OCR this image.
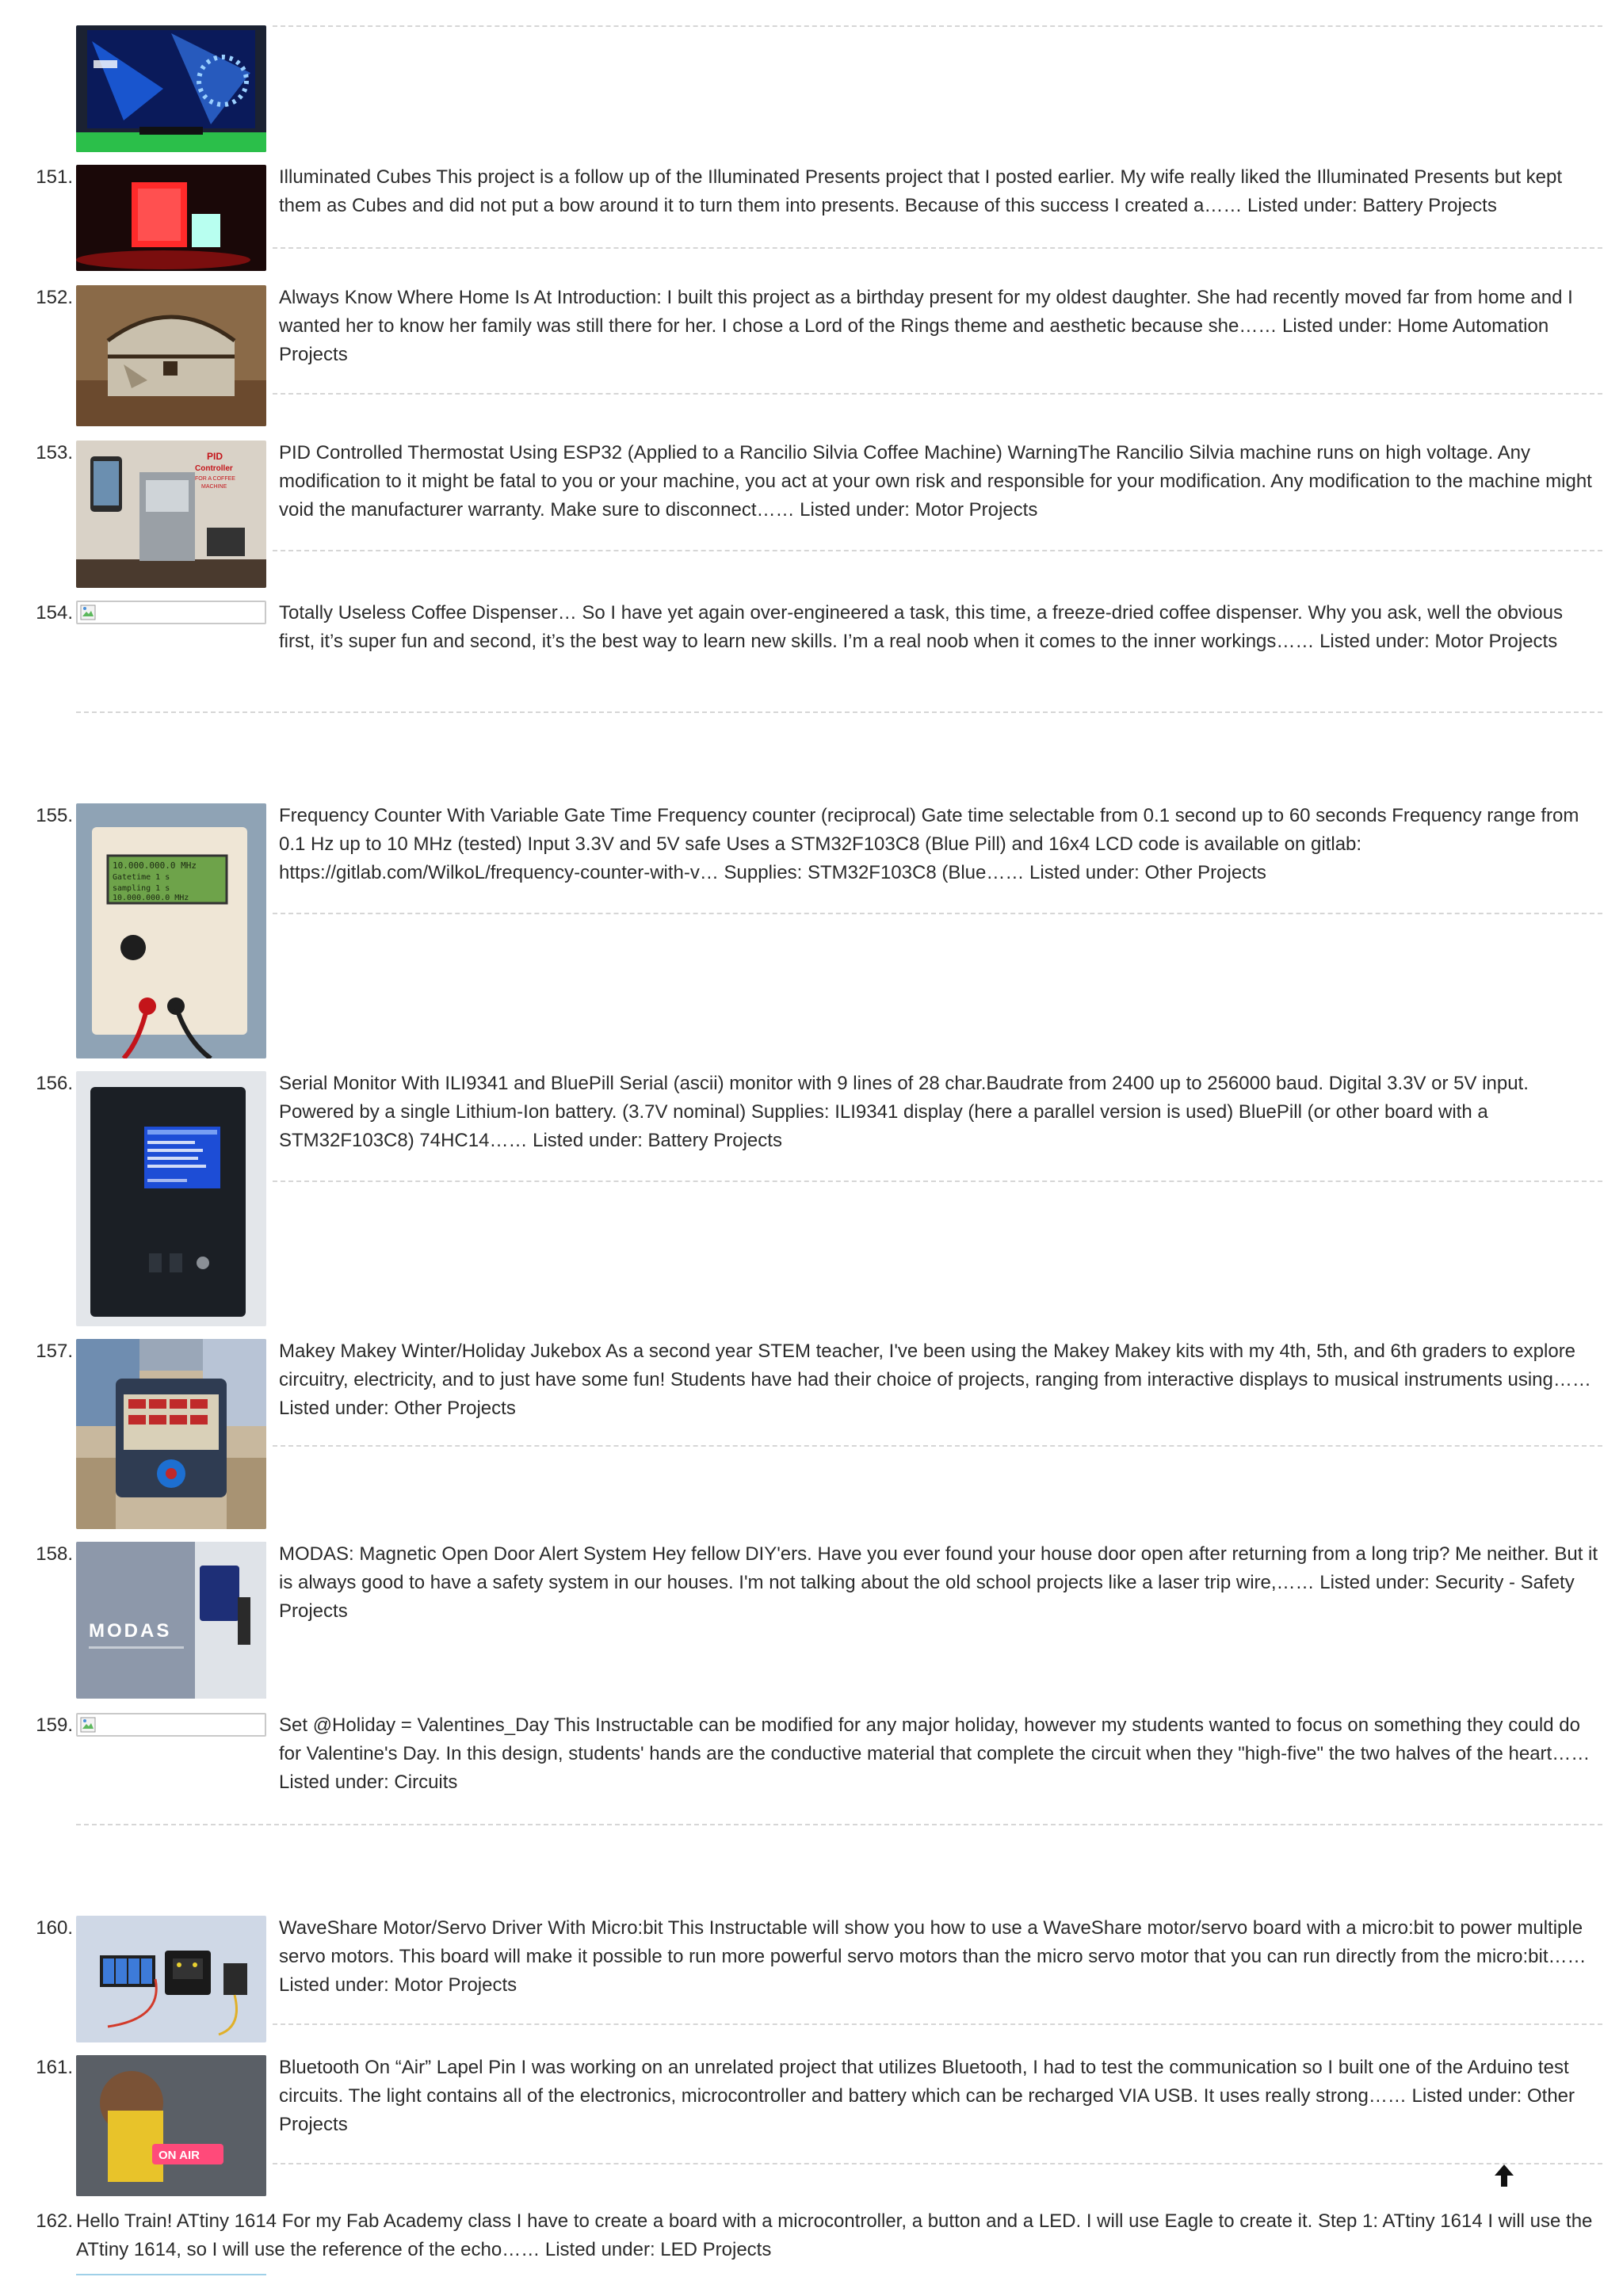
151.	Illuminated Cubes This project is a follow up of the Illuminated Presents project that I posted earlier. My wife really liked the Illuminated Presents but kept them as Cubes and did not put a bow around it to turn them into presents. Because of this success I created a…… Listed under: Battery Projects
152.	Always Know Where Home Is At Introduction: I built this project as a birthday present for my oldest daughter. She had recently moved far from home and I wanted her to know her family was still there for her. I chose a Lord of the Rings theme and aesthetic because she…… Listed under: Home Automation Projects
153.	PID
Controller
FOR A COFFEE
MACHINE
PID Controlled Thermostat Using ESP32 (Applied to a Rancilio Silvia Coffee Machine) WarningThe Rancilio Silvia machine runs on high voltage. Any modification to it might be fatal to you or your machine, you act at your own risk and responsible for your modification. Any modification to the machine might void the manufacturer warranty. Make sure to disconnect…… Listed under: Motor Projects
154.	Totally Useless Coffee Dispenser… So I have yet again over-engineered a task, this time, a freeze-dried coffee dispenser. Why you ask, well the obvious first, it’s super fun and second, it’s the best way to learn new skills. I’m a real noob when it comes to the inner workings…… Listed under: Motor Projects
155.
10.000.000.0 MHz
Gatetime 1 s
sampling 1 s
10.000.000.0 MHz
Frequency Counter With Variable Gate Time Frequency counter (reciprocal) Gate time selectable from 0.1 second up to 60 seconds Frequency range from 0.1 Hz up to 10 MHz (tested) Input 3.3V and 5V safe Uses a STM32F103C8 (Blue Pill) and 16x4 LCD code is available on gitlab: https://gitlab.com/WilkoL/frequency-counter-with-v… Supplies: STM32F103C8 (Blue…… Listed under: Other Projects
156.	Serial Monitor With ILI9341 and BluePill Serial (ascii) monitor with 9 lines of 28 char.Baudrate from 2400 up to 256000 baud. Digital 3.3V or 5V input. Powered by a single Lithium-Ion battery. (3.7V nominal) Supplies: ILI9341 display (here a parallel version is used) BluePill (or other board with a STM32F103C8) 74HC14…… Listed under: Battery Projects
157.	Makey Makey Winter/Holiday Jukebox As a second year STEM teacher, I've been using the Makey Makey kits with my 4th, 5th, and 6th graders to explore circuitry, electricity, and to just have some fun! Students have had their choice of projects, ranging from interactive displays to musical instruments using…… Listed under: Other Projects
158.
MODAS
MODAS: Magnetic Open Door Alert System Hey fellow DIY'ers. Have you ever found your house door open after returning from a long trip? Me neither. But it is always good to have a safety system in our houses. I'm not talking about the old school projects like a laser trip wire,…… Listed under: Security - Safety Projects
159.	Set @Holiday = Valentines_Day This Instructable can be modified for any major holiday, however my students wanted to focus on something they could do for Valentine's Day. In this design, students' hands are the conductive material that complete the circuit when they "high-five" the two halves of the heart…… Listed under: Circuits
160.	WaveShare Motor/Servo Driver With Micro:bit This Instructable will show you how to use a WaveShare motor/servo board with a micro:bit to power multiple servo motors. This board will make it possible to run more powerful servo motors than the micro servo motor that you can run directly from the micro:bit…… Listed under: Motor Projects
161.
ON AIR
Bluetooth On “Air” Lapel Pin I was working on an unrelated project that utilizes Bluetooth, I had to test the communication so I built one of the Arduino test circuits. The light contains all of the electronics, microcontroller and battery which can be recharged VIA USB. It uses really strong…… Listed under: Other Projects
162. Hello Train! ATtiny 1614 For my Fab Academy class I have to create a board with a microcontroller, a button and a LED. I will use Eagle to create it. Step 1: ATtiny 1614 I will use the ATtiny 1614, so I will use the reference of the echo…… Listed under: LED Projects
